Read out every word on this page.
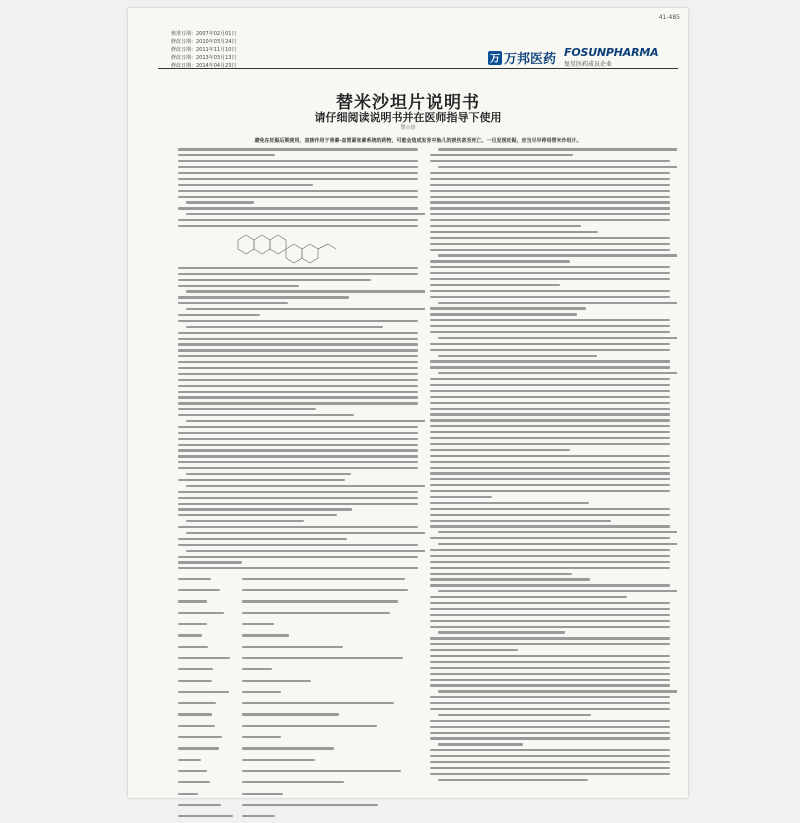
41-485
核准日期：2007年02月01日
修改日期：2010年03月24日
修改日期：2011年11月10日
修改日期：2013年03月13日
修改日期：2014年04月23日
万 万邦医药 FOSUNPHARMA
复星医药成员企业
替米沙坦片说明书
请仔细阅读说明书并在医师指导下使用
警示语
避免在妊娠后期使用，直接作用于肾素-血管紧张素系统的药物，可能会造成发育中胎儿的损伤甚至死亡。一旦发现妊娠，应当尽早停用替米沙坦片。
